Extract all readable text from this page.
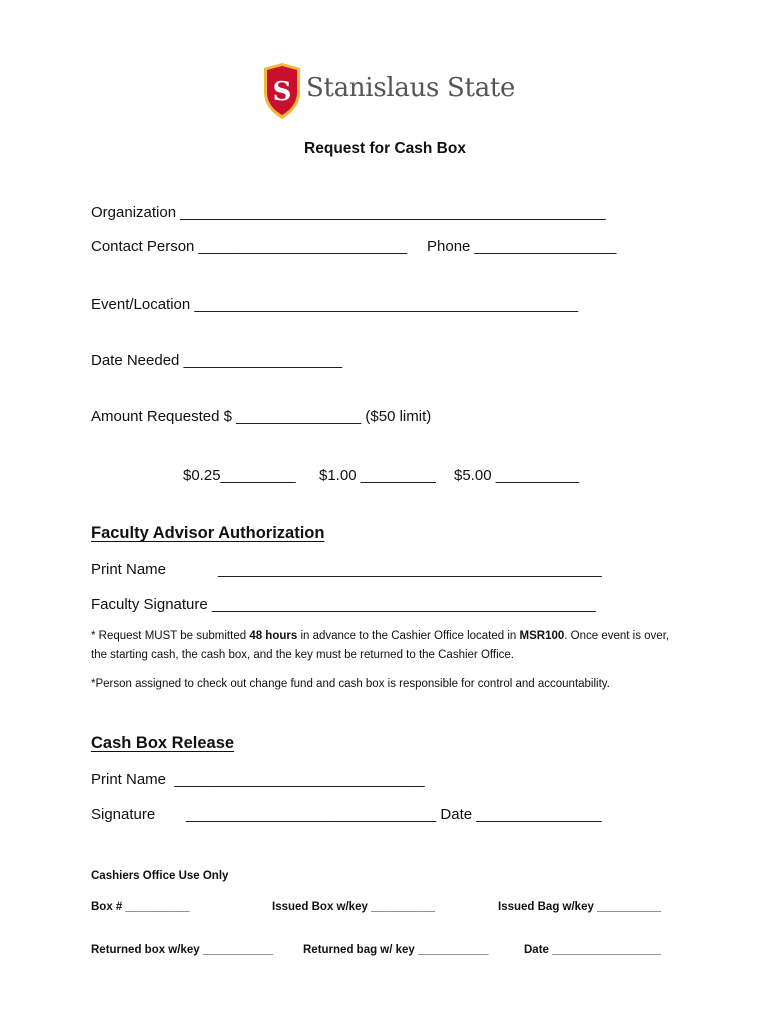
S

Stanislaus State

Request for Cash Box
Organization ___________________________________________________
Contact Person _________________________ Phone _________________
Event/Location ______________________________________________
Date Needed ___________________
Amount Requested $ _______________ ($50 limit)
$0.25_________ $1.00 _________ $5.00 __________
Faculty Advisor Authorization
Print Name	______________________________________________
Faculty Signature ______________________________________________
* Request MUST be submitted 48 hours in advance to the Cashier Office located in MSR100. Once event is over, the starting cash, the cash box, and the key must be returned to the Cashier Office.
*Person assigned to check out change fund and cash box is responsible for control and accountability.
Cash Box Release
Print Name  ______________________________
Signature ______________________________ Date _______________
Cashiers Office Use Only
Box # __________	Issued Box w/key __________	Issued Bag w/key __________
Returned box w/key ___________	Returned bag w/ key ___________	Date _________________
